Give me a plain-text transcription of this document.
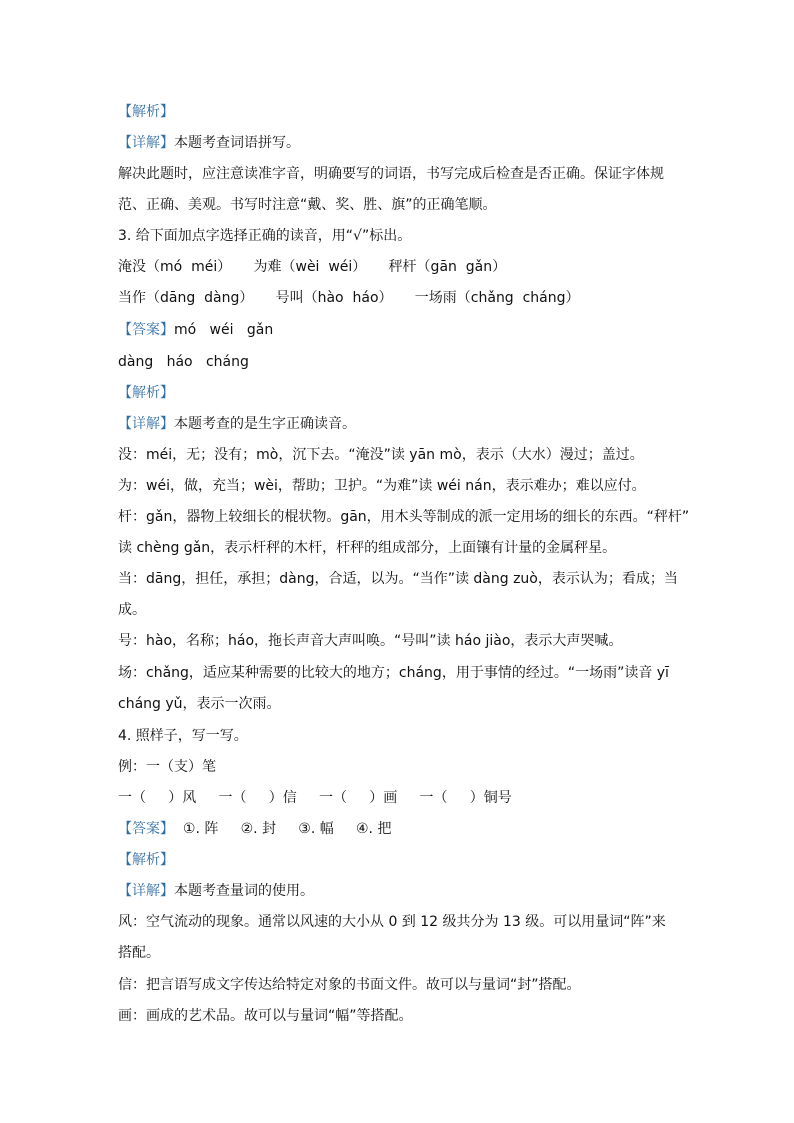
【解析】
【详解】本题考查词语拼写。
解决此题时，应注意读准字音，明确要写的词语，书写完成后检查是否正确。保证字体规
范、正确、美观。书写时注意“戴、奖、胜、旗”的正确笔顺。
3. 给下面加点字选择正确的读音，用“√”标出。
淹没（mó  méi）     为难（wèi  wéi）     秤杆（gān  gǎn）
当作（dāng  dàng）     号叫（hào  háo）     一场雨（chǎng  cháng）
【答案】mó   wéi   gǎn
dàng   háo   cháng
【解析】
【详解】本题考查的是生字正确读音。
没：méi，无；没有；mò，沉下去。“淹没”读 yān mò，表示（大水）漫过；盖过。
为：wéi，做，充当；wèi，帮助；卫护。“为难”读 wéi nán，表示难办；难以应付。
杆：gǎn，器物上较细长的棍状物。gān，用木头等制成的派一定用场的细长的东西。“秤杆”
读 chèng gǎn，表示杆秤的木杆，杆秤的组成部分，上面镶有计量的金属秤星。
当：dāng，担任，承担；dàng，合适，以为。“当作”读 dàng zuò，表示认为；看成；当
成。
号：hào，名称；háo，拖长声音大声叫唤。“号叫”读 háo jiào，表示大声哭喊。
场：chǎng，适应某种需要的比较大的地方；cháng，用于事情的经过。“一场雨”读音 yī
cháng yǔ，表示一次雨。
4. 照样子，写一写。
例：一（支）笔
一（     ）风     一（     ）信     一（     ）画     一（     ）铜号
【答案】  ①. 阵     ②. 封     ③. 幅     ④. 把
【解析】
【详解】本题考查量词的使用。
风：空气流动的现象。通常以风速的大小从 0 到 12 级共分为 13 级。可以用量词“阵”来
搭配。
信：把言语写成文字传达给特定对象的书面文件。故可以与量词“封”搭配。
画：画成的艺术品。故可以与量词“幅”等搭配。
